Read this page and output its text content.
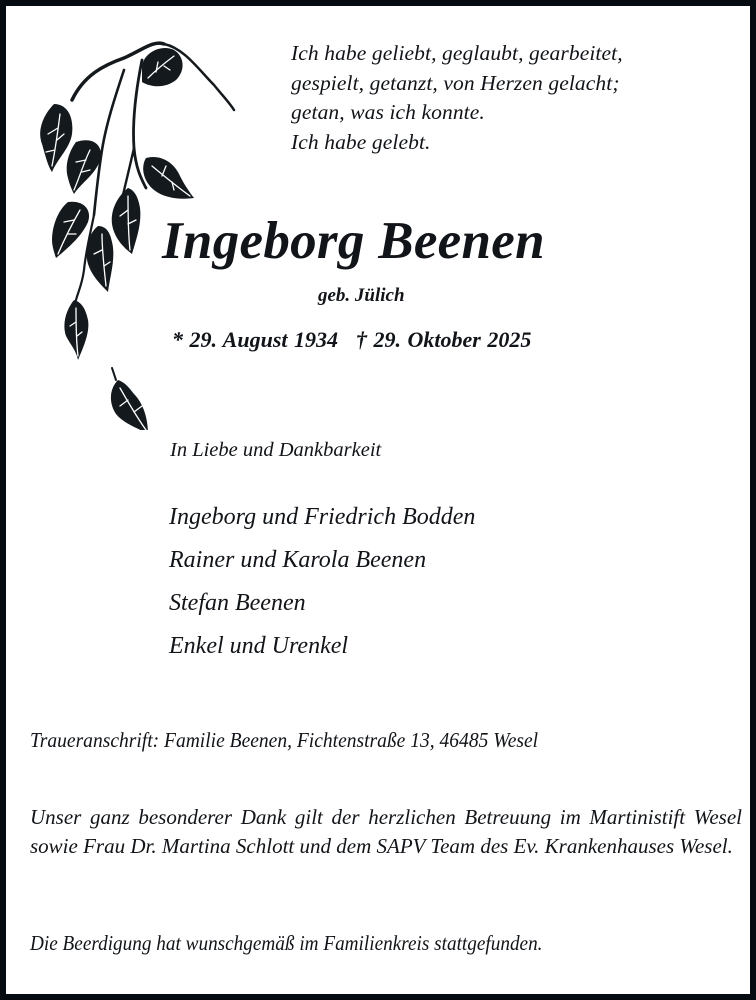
Ich habe geliebt, geglaubt, gearbeitet,
gespielt, getanzt, von Herzen gelacht;
getan, was ich konnte.
Ich habe gelebt.
Ingeborg Beenen
geb. Jülich
* 29. August 1934 † 29. Oktober 2025
In Liebe und Dankbarkeit
Ingeborg und Friedrich Bodden
Rainer und Karola Beenen
Stefan Beenen
Enkel und Urenkel
Traueranschrift: Familie Beenen, Fichtenstraße 13, 46485 Wesel

Unser ganz besonderer Dank gilt der herzlichen Betreuung im Martinistift Wesel sowie Frau Dr. Martina Schlott und dem SAPV Team des Ev. Krankenhauses Wesel.

Die Beerdigung hat wunschgemäß im Familienkreis stattgefunden.
